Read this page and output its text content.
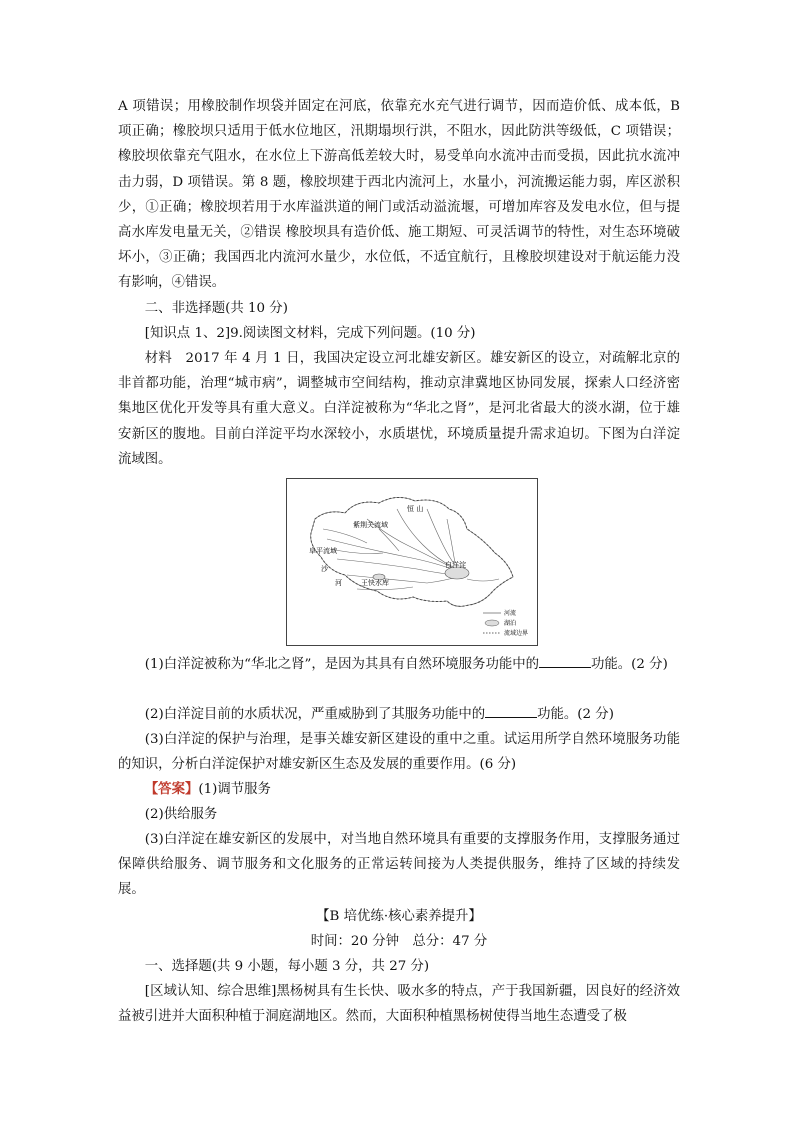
A 项错误；用橡胶制作坝袋并固定在河底，依靠充水充气进行调节，因而造价低、成本低，B 项正确；橡胶坝只适用于低水位地区，汛期塌坝行洪，不阻水，因此防洪等级低，C 项错误；橡胶坝依靠充气阻水，在水位上下游高低差较大时，易受单向水流冲击而受损，因此抗水流冲击力弱，D 项错误。第 8 题，橡胶坝建于西北内流河上，水量小，河流搬运能力弱，库区淤积少，①正确；橡胶坝若用于水库溢洪道的闸门或活动溢流堰，可增加库容及发电水位，但与提高水库发电量无关，②错误 橡胶坝具有造价低、施工期短、可灵活调节的特性，对生态环境破坏小，③正确；我国西北内流河水量少，水位低，不适宜航行，且橡胶坝建设对于航运能力没有影响，④错误。

二、非选择题(共 10 分)

[知识点 1、2]9.阅读图文材料，完成下列问题。(10 分)

材料　2017 年 4 月 1 日，我国决定设立河北雄安新区。雄安新区的设立，对疏解北京的非首都功能，治理“城市病”，调整城市空间结构，推动京津冀地区协同发展，探索人口经济密集地区优化开发等具有重大意义。白洋淀被称为“华北之肾”，是河北省最大的淡水湖，位于雄安新区的腹地。目前白洋淀平均水深较小，水质堪忧，环境质量提升需求迫切。下图为白洋淀流域图。

紫荆关流域
阜平流域
白洋淀
恒 山
沙
河	王快水库
河流
湖泊
流域边界

(1)白洋淀被称为“华北之肾”，是因为其具有自然环境服务功能中的	功能。(2 分)

(2)白洋淀目前的水质状况，严重威胁到了其服务功能中的	功能。(2 分)

(3)白洋淀的保护与治理，是事关雄安新区建设的重中之重。试运用所学自然环境服务功能的知识，分析白洋淀保护对雄安新区生态及发展的重要作用。(6 分)

【答案】(1)调节服务

(2)供给服务

(3)白洋淀在雄安新区的发展中，对当地自然环境具有重要的支撑服务作用，支撑服务通过保障供给服务、调节服务和文化服务的正常运转间接为人类提供服务，维持了区域的持续发展。

【B 培优练·核心素养提升】

时间：20 分钟　总分：47 分

一、选择题(共 9 小题，每小题 3 分，共 27 分)

[区域认知、综合思维]黑杨树具有生长快、吸水多的特点，产于我国新疆，因良好的经济效益被引进并大面积种植于洞庭湖地区。然而，大面积种植黑杨树使得当地生态遭受了极
